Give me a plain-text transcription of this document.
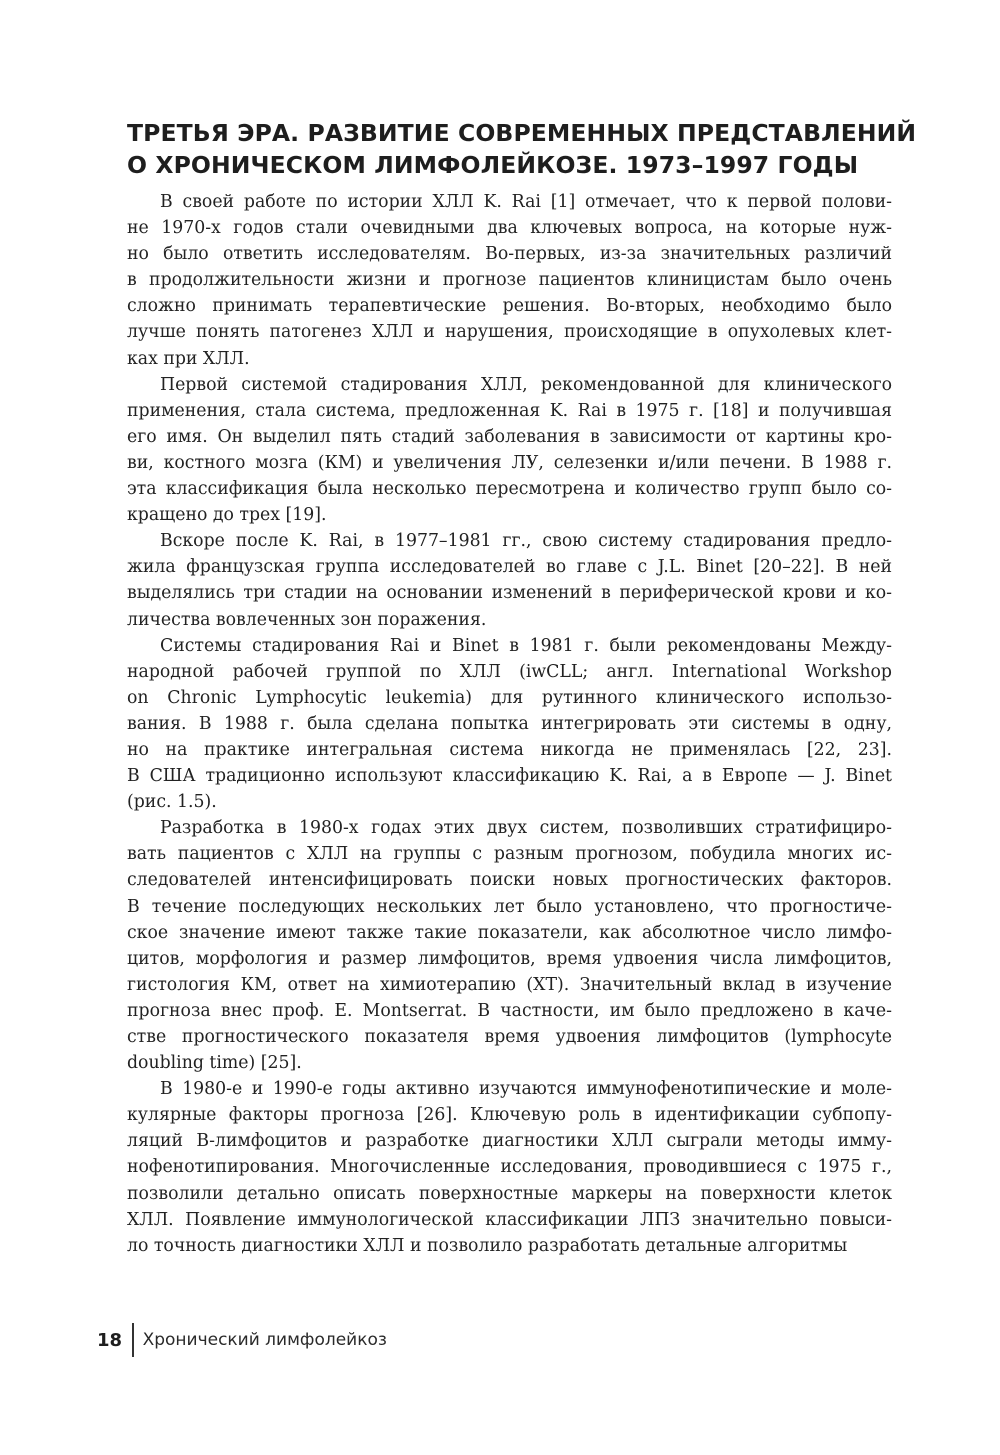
ТРЕТЬЯ ЭРА. РАЗВИТИЕ СОВРЕМЕННЫХ ПРЕДСТАВЛЕНИЙ
О ХРОНИЧЕСКОМ ЛИМФОЛЕЙКОЗЕ. 1973–1997 ГОДЫ

В своей работе по истории ХЛЛ K. Rai [1] отмечает, что к первой полови-
не 1970-х годов стали очевидными два ключевых вопроса, на которые нуж-
но было ответить исследователям. Во-первых, из-за значительных различий
в продолжительности жизни и прогнозе пациентов клиницистам было очень
сложно принимать терапевтические решения. Во-вторых, необходимо было
лучше понять патогенез ХЛЛ и нарушения, происходящие в опухолевых клет-
ках при ХЛЛ.

Первой системой стадирования ХЛЛ, рекомендованной для клинического
применения, стала система, предложенная K. Rai в 1975 г. [18] и получившая
его имя. Он выделил пять стадий заболевания в зависимости от картины кро-
ви, костного мозга (КМ) и увеличения ЛУ, селезенки и/или печени. В 1988 г.
эта классификация была несколько пересмотрена и количество групп было со-
кращено до трех [19].

Вскоре после K. Rai, в 1977–1981 гг., свою систему стадирования предло-
жила французская группа исследователей во главе с J.L. Binet [20–22]. В ней
выделялись три стадии на основании изменений в периферической крови и ко-
личества вовлеченных зон поражения.

Системы стадирования Rai и Binet в 1981 г. были рекомендованы Между-
народной рабочей группой по ХЛЛ (iwCLL; англ. International Workshop
on Chronic Lymphocytic leukemia) для рутинного клинического использо-
вания. В 1988 г. была сделана попытка интегрировать эти системы в одну,
но на практике интегральная система никогда не применялась [22, 23].
В США традиционно используют классификацию K. Rai, а в Европе — J. Binet
(рис. 1.5).

Разработка в 1980-х годах этих двух систем, позволивших стратифициро-
вать пациентов с ХЛЛ на группы с разным прогнозом, побудила многих ис-
следователей интенсифицировать поиски новых прогностических факторов.
В течение последующих нескольких лет было установлено, что прогностиче-
ское значение имеют также такие показатели, как абсолютное число лимфо-
цитов, морфология и размер лимфоцитов, время удвоения числа лимфоцитов,
гистология КМ, ответ на химиотерапию (ХТ). Значительный вклад в изучение
прогноза внес проф. E. Montserrat. В частности, им было предложено в каче-
стве прогностического показателя время удвоения лимфоцитов (lymphocyte
doubling time) [25].

В 1980-е и 1990-е годы активно изучаются иммунофенотипические и моле-
кулярные факторы прогноза [26]. Ключевую роль в идентификации субпопу-
ляций В-лимфоцитов и разработке диагностики ХЛЛ сыграли методы имму-
нофенотипирования. Многочисленные исследования, проводившиеся с 1975 г.,
позволили детально описать поверхностные маркеры на поверхности клеток
ХЛЛ. Появление иммунологической классификации ЛПЗ значительно повыси-
ло точность диагностики ХЛЛ и позволило разработать детальные алгоритмы

18 Хронический лимфолейкоз
